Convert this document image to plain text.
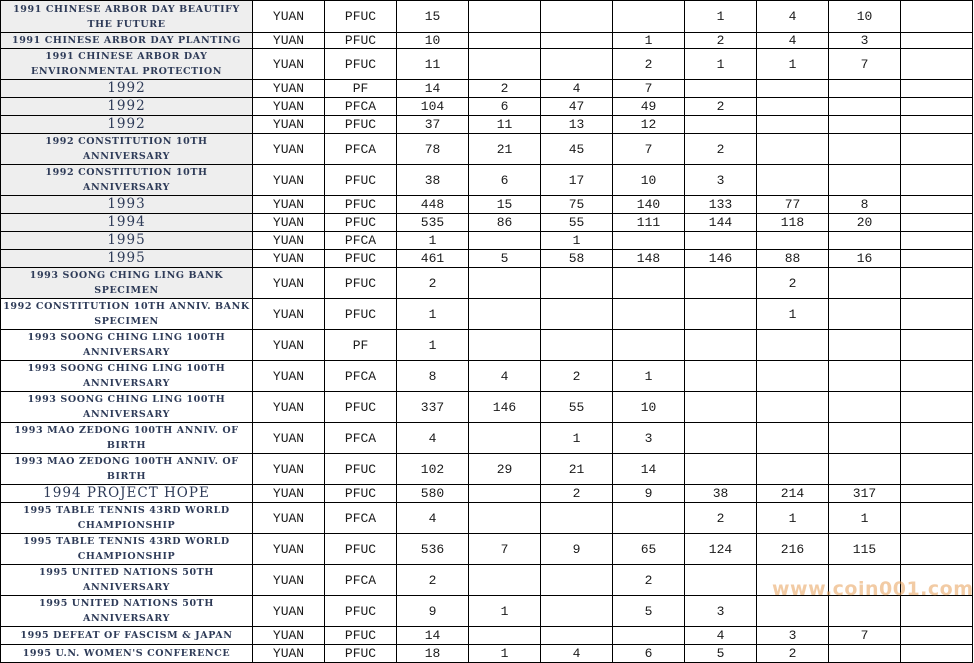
1991 CHINESE ARBOR DAY BEAUTIFY THE FUTURE	YUAN	PFUC	15				1	4	10	
1991 CHINESE ARBOR DAY PLANTING	YUAN	PFUC	10			1	2	4	3	
1991 CHINESE ARBOR DAY ENVIRONMENTAL PROTECTION	YUAN	PFUC	11			2	1	1	7	
1992	YUAN	PF	14	2	4	7				
1992	YUAN	PFCA	104	6	47	49	2			
1992	YUAN	PFUC	37	11	13	12				
1992 CONSTITUTION 10TH ANNIVERSARY	YUAN	PFCA	78	21	45	7	2			
1992 CONSTITUTION 10TH ANNIVERSARY	YUAN	PFUC	38	6	17	10	3			
1993	YUAN	PFUC	448	15	75	140	133	77	8	
1994	YUAN	PFUC	535	86	55	111	144	118	20	
1995	YUAN	PFCA	1		1					
1995	YUAN	PFUC	461	5	58	148	146	88	16	
1993 SOONG CHING LING BANK SPECIMEN	YUAN	PFUC	2					2		
1992 CONSTITUTION 10TH ANNIV. BANK SPECIMEN	YUAN	PFUC	1					1		
1993 SOONG CHING LING 100TH ANNIVERSARY	YUAN	PF	1							
1993 SOONG CHING LING 100TH ANNIVERSARY	YUAN	PFCA	8	4	2	1				
1993 SOONG CHING LING 100TH ANNIVERSARY	YUAN	PFUC	337	146	55	10				
1993 MAO ZEDONG 100TH ANNIV. OF BIRTH	YUAN	PFCA	4		1	3				
1993 MAO ZEDONG 100TH ANNIV. OF BIRTH	YUAN	PFUC	102	29	21	14				
1994 PROJECT HOPE	YUAN	PFUC	580		2	9	38	214	317	
1995 TABLE TENNIS 43RD WORLD CHAMPIONSHIP	YUAN	PFCA	4				2	1	1	
1995 TABLE TENNIS 43RD WORLD CHAMPIONSHIP	YUAN	PFUC	536	7	9	65	124	216	115	
1995 UNITED NATIONS 50TH ANNIVERSARY	YUAN	PFCA	2			2				
1995 UNITED NATIONS 50TH ANNIVERSARY	YUAN	PFUC	9	1		5	3			
1995 DEFEAT OF FASCISM & JAPAN	YUAN	PFUC	14				4	3	7	
1995 U.N. WOMEN'S CONFERENCE	YUAN	PFUC	18	1	4	6	5	2		
www.coin001.com
